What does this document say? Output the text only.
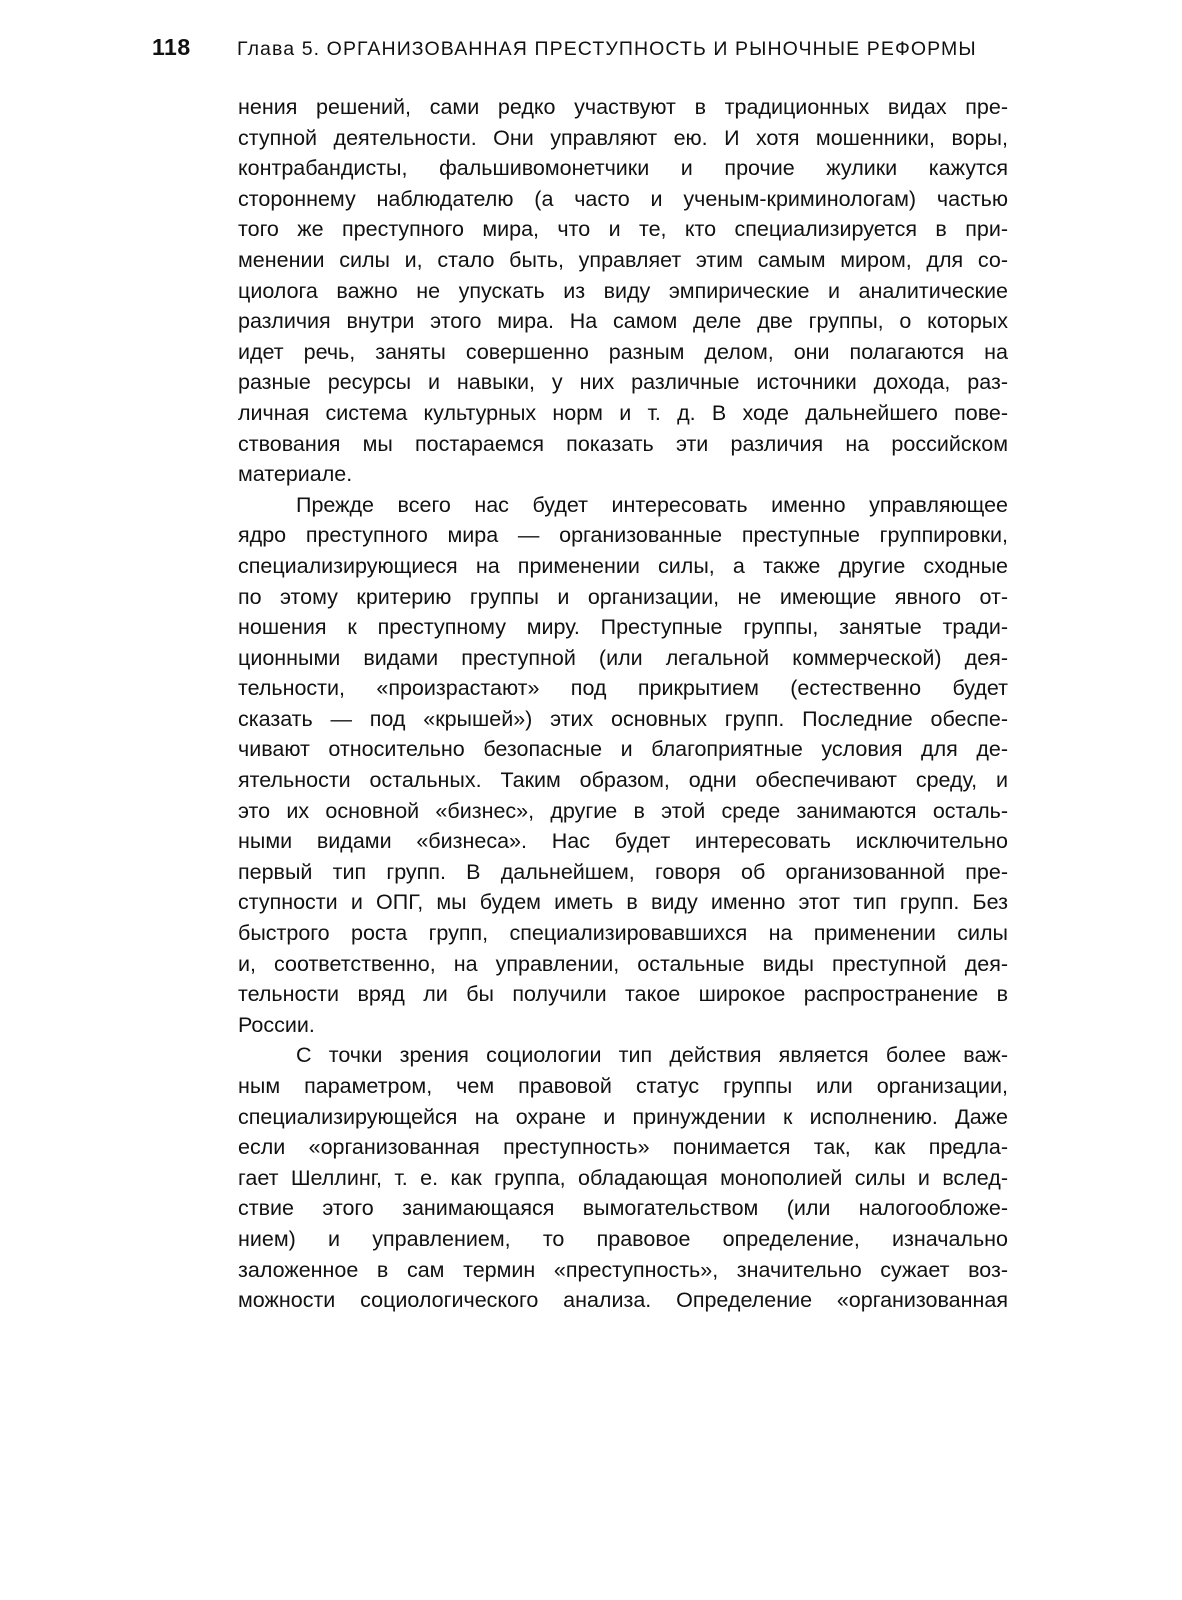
118	Глава 5. ОРГАНИЗОВАННАЯ ПРЕСТУПНОСТЬ И РЫНОЧНЫЕ РЕФОРМЫ
нения решений, сами редко участвуют в традиционных видах пре-
ступной деятельности. Они управляют ею. И хотя мошенники, воры,
контрабандисты, фальшивомонетчики и прочие жулики кажутся
стороннему наблюдателю (а часто и ученым-криминологам) частью
того же преступного мира, что и те, кто специализируется в при-
менении силы и, стало быть, управляет этим самым миром, для со-
циолога важно не упускать из виду эмпирические и аналитические
различия внутри этого мира. На самом деле две группы, о которых
идет речь, заняты совершенно разным делом, они полагаются на
разные ресурсы и навыки, у них различные источники дохода, раз-
личная система культурных норм и т. д. В ходе дальнейшего пове-
ствования мы постараемся показать эти различия на российском
материале.
Прежде всего нас будет интересовать именно управляющее
ядро преступного мира — организованные преступные группировки,
специализирующиеся на применении силы, а также другие сходные
по этому критерию группы и организации, не имеющие явного от-
ношения к преступному миру. Преступные группы, занятые тради-
ционными видами преступной (или легальной коммерческой) дея-
тельности, «произрастают» под прикрытием (естественно будет
сказать — под «крышей») этих основных групп. Последние обеспе-
чивают относительно безопасные и благоприятные условия для де-
ятельности остальных. Таким образом, одни обеспечивают среду, и
это их основной «бизнес», другие в этой среде занимаются осталь-
ными видами «бизнеса». Нас будет интересовать исключительно
первый тип групп. В дальнейшем, говоря об организованной пре-
ступности и ОПГ, мы будем иметь в виду именно этот тип групп. Без
быстрого роста групп, специализировавшихся на применении силы
и, соответственно, на управлении, остальные виды преступной дея-
тельности вряд ли бы получили такое широкое распространение в
России.
С точки зрения социологии тип действия является более важ-
ным параметром, чем правовой статус группы или организации,
специализирующейся на охране и принуждении к исполнению. Даже
если «организованная преступность» понимается так, как предла-
гает Шеллинг, т. е. как группа, обладающая монополией силы и вслед-
ствие этого занимающаяся вымогательством (или налогообложе-
нием) и управлением, то правовое определение, изначально
заложенное в сам термин «преступность», значительно сужает воз-
можности социологического анализа. Определение «организованная
